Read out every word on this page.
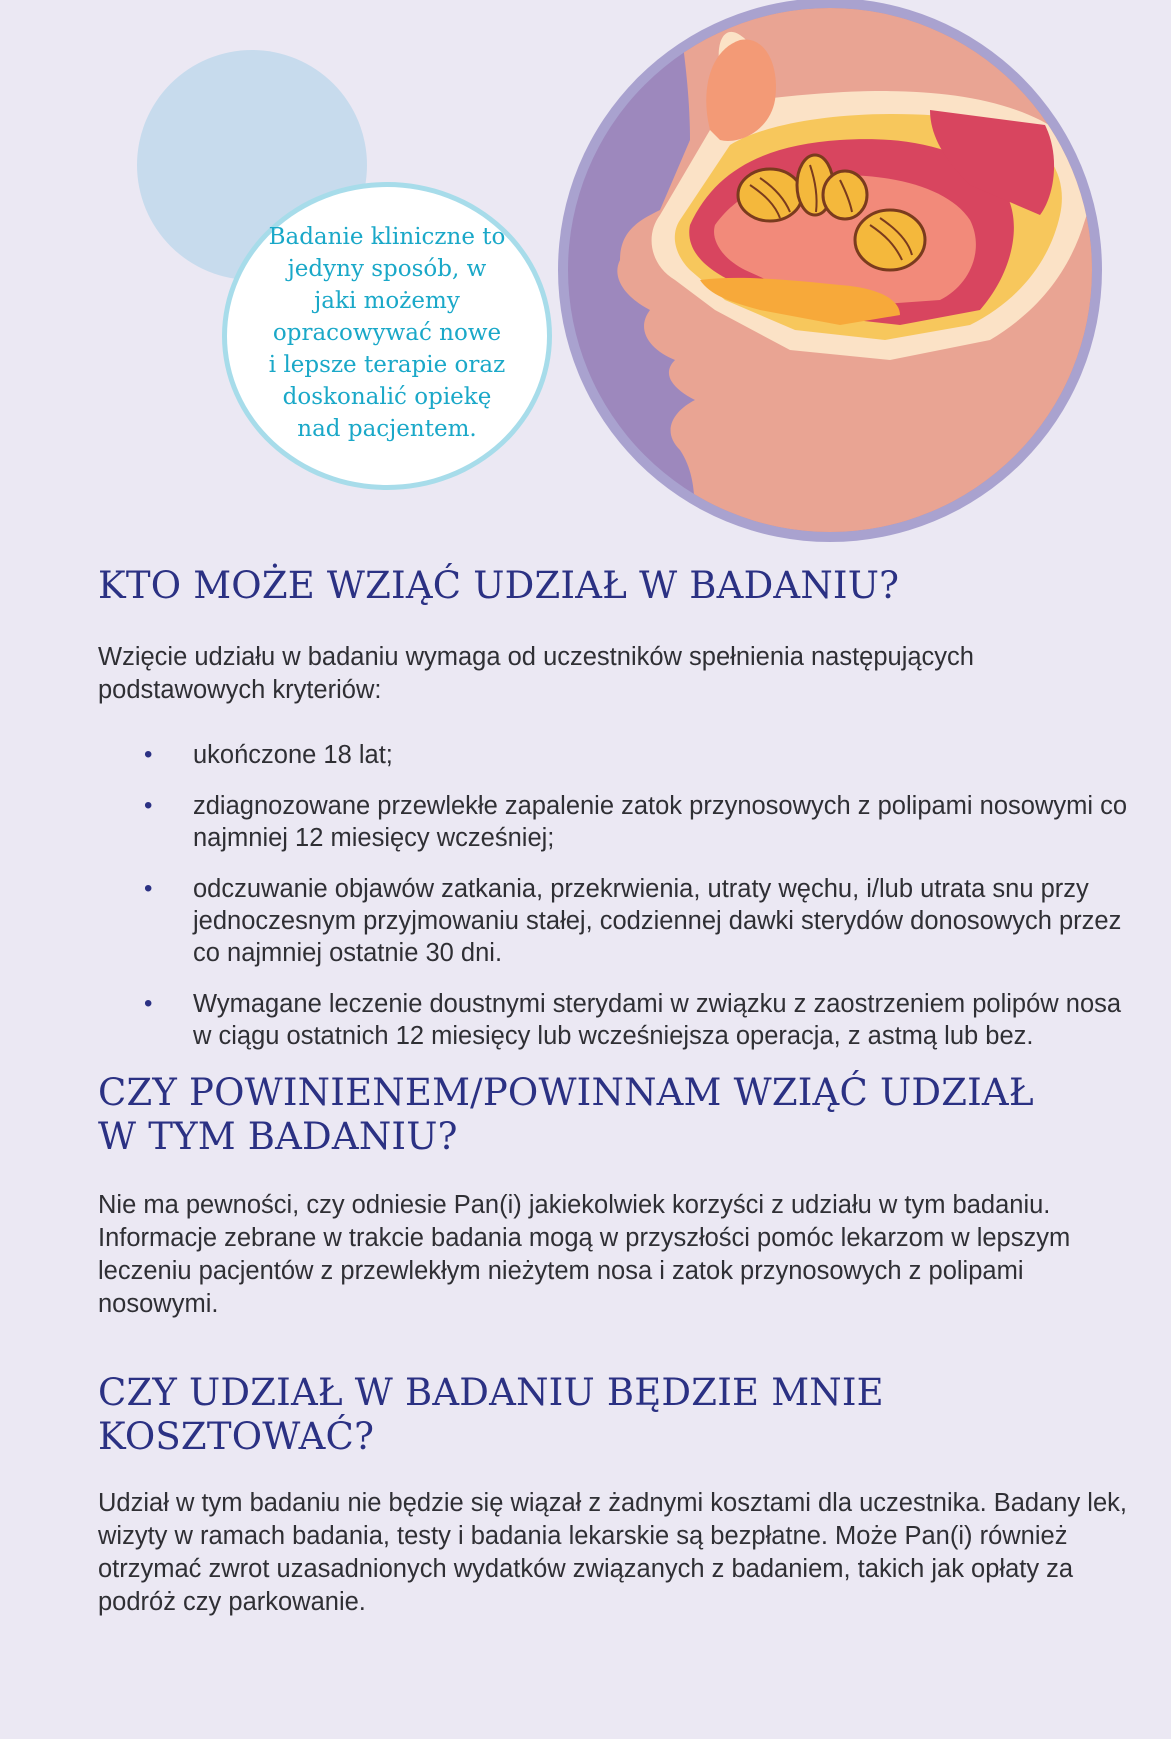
Badanie kliniczne to jedyny sposób, w jaki możemy opracowywać nowe i lepsze terapie oraz doskonalić opiekę nad pacjentem.
KTO MOŻE WZIĄĆ UDZIAŁ W BADANIU?

Wzięcie udziału w badaniu wymaga od uczestników spełnienia następujących podstawowych kryteriów:

• ukończone 18 lat;
• zdiagnozowane przewlekłe zapalenie zatok przynosowych z polipami nosowymi co najmniej 12 miesięcy wcześniej;
• odczuwanie objawów zatkania, przekrwienia, utraty węchu, i/lub utrata snu przy jednoczesnym przyjmowaniu stałej, codziennej dawki sterydów donosowych przez co najmniej ostatnie 30 dni.
• Wymagane leczenie doustnymi sterydami w związku z zaostrzeniem polipów nosa w ciągu ostatnich 12 miesięcy lub wcześniejsza operacja, z astmą lub bez.
CZY POWINIENEM/POWINNAM WZIĄĆ UDZIAŁ
W TYM BADANIU?

Nie ma pewności, czy odniesie Pan(i) jakiekolwiek korzyści z udziału w tym badaniu. Informacje zebrane w trakcie badania mogą w przyszłości pomóc lekarzom w lepszym leczeniu pacjentów z przewlekłym nieżytem nosa i zatok przynosowych z polipami nosowymi.

CZY UDZIAŁ W BADANIU BĘDZIE MNIE KOSZTOWAĆ?

Udział w tym badaniu nie będzie się wiązał z żadnymi kosztami dla uczestnika. Badany lek, wizyty w ramach badania, testy i badania lekarskie są bezpłatne. Może Pan(i) również otrzymać zwrot uzasadnionych wydatków związanych z badaniem, takich jak opłaty za podróż czy parkowanie.
